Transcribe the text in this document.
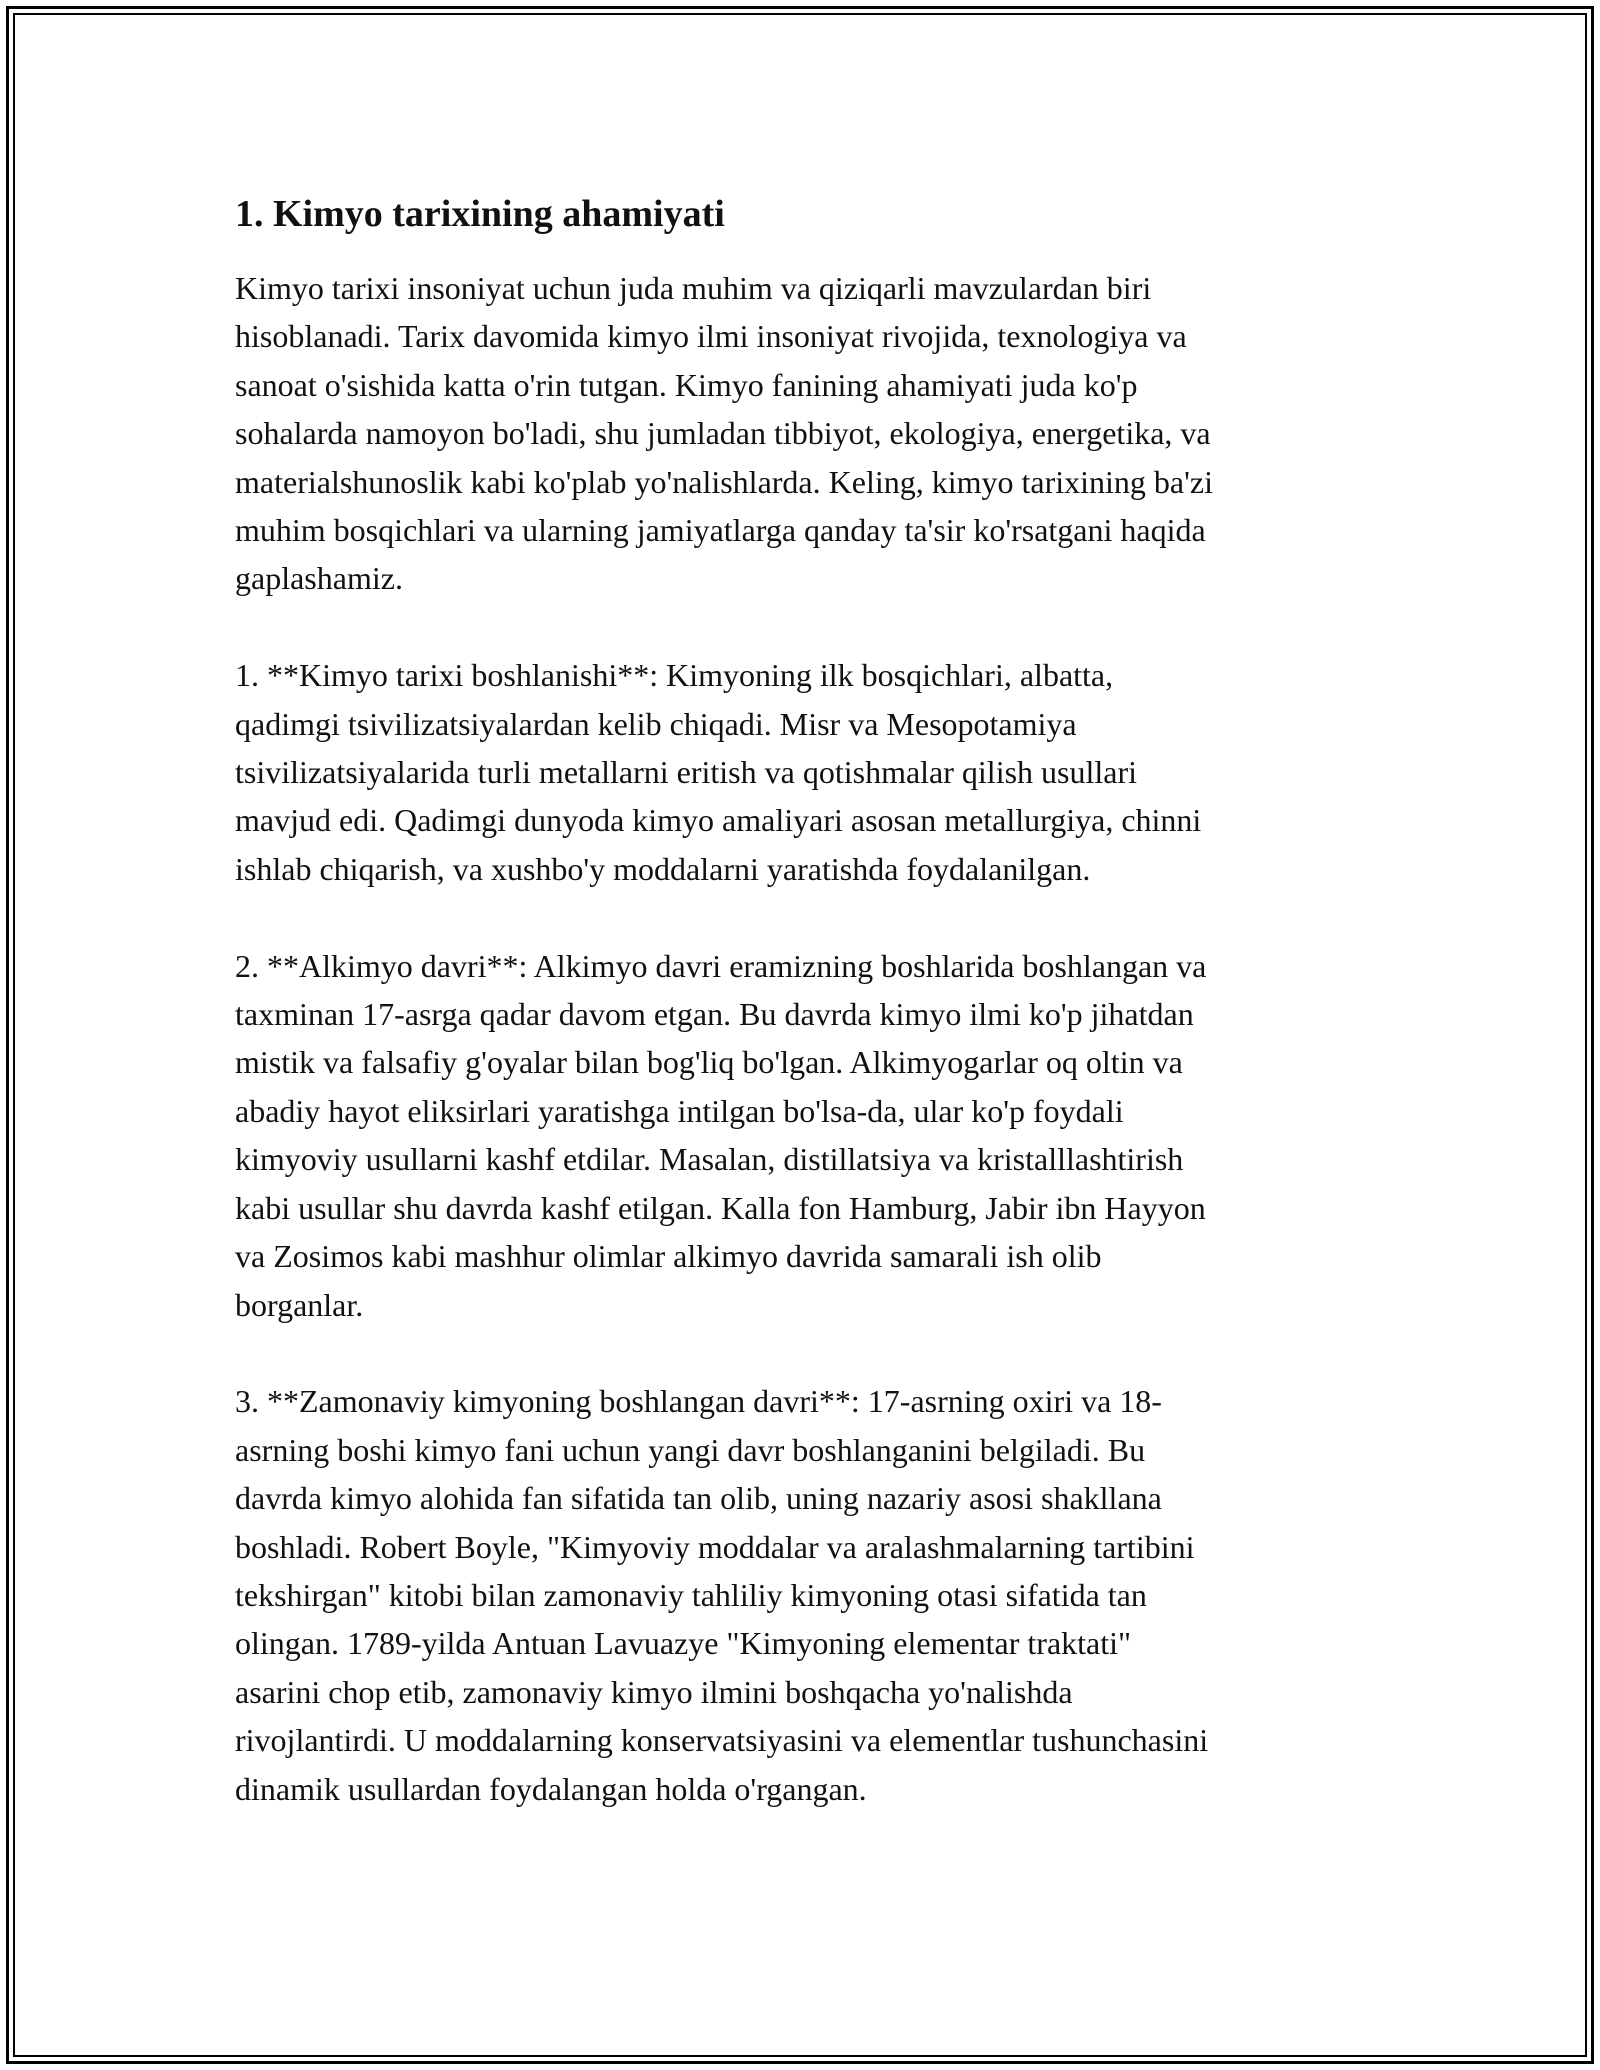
1. Kimyo tarixining ahamiyati

Kimyo tarixi insoniyat uchun juda muhim va qiziqarli mavzulardan biri
hisoblanadi. Tarix davomida kimyo ilmi insoniyat rivojida, texnologiya va
sanoat o'sishida katta o'rin tutgan. Kimyo fanining ahamiyati juda ko'p
sohalarda namoyon bo'ladi, shu jumladan tibbiyot, ekologiya, energetika, va
materialshunoslik kabi ko'plab yo'nalishlarda. Keling, kimyo tarixining ba'zi
muhim bosqichlari va ularning jamiyatlarga qanday ta'sir ko'rsatgani haqida
gaplashamiz.

1. **Kimyo tarixi boshlanishi**: Kimyoning ilk bosqichlari, albatta,
qadimgi tsivilizatsiyalardan kelib chiqadi. Misr va Mesopotamiya
tsivilizatsiyalarida turli metallarni eritish va qotishmalar qilish usullari
mavjud edi. Qadimgi dunyoda kimyo amaliyari asosan metallurgiya, chinni
ishlab chiqarish, va xushbo'y moddalarni yaratishda foydalanilgan.

2. **Alkimyo davri**: Alkimyo davri eramizning boshlarida boshlangan va
taxminan 17-asrga qadar davom etgan. Bu davrda kimyo ilmi ko'p jihatdan
mistik va falsafiy g'oyalar bilan bog'liq bo'lgan. Alkimyogarlar oq oltin va
abadiy hayot eliksirlari yaratishga intilgan bo'lsa-da, ular ko'p foydali
kimyoviy usullarni kashf etdilar. Masalan, distillatsiya va kristalllashtirish
kabi usullar shu davrda kashf etilgan. Kalla fon Hamburg, Jabir ibn Hayyon
va Zosimos kabi mashhur olimlar alkimyo davrida samarali ish olib
borganlar.

3. **Zamonaviy kimyoning boshlangan davri**: 17-asrning oxiri va 18-
asrning boshi kimyo fani uchun yangi davr boshlanganini belgiladi. Bu
davrda kimyo alohida fan sifatida tan olib, uning nazariy asosi shakllana
boshladi. Robert Boyle, "Kimyoviy moddalar va aralashmalarning tartibini
tekshirgan" kitobi bilan zamonaviy tahliliy kimyoning otasi sifatida tan
olingan. 1789-yilda Antuan Lavuazye "Kimyoning elementar traktati"
asarini chop etib, zamonaviy kimyo ilmini boshqacha yo'nalishda
rivojlantirdi. U moddalarning konservatsiyasini va elementlar tushunchasini
dinamik usullardan foydalangan holda o'rgangan.
